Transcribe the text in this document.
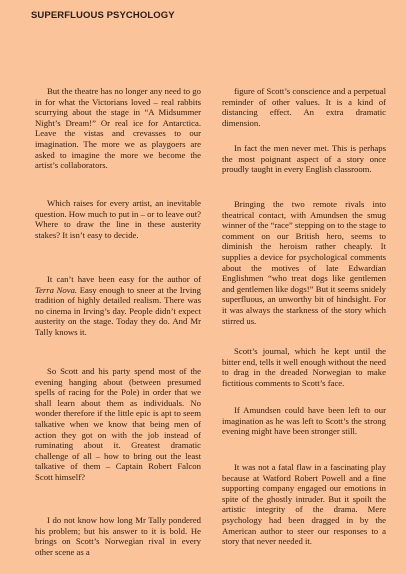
SUPERFLUOUS PSYCHOLOGY

But the theatre has no longer any need to go in for what the Victorians loved – real rabbits scurrying about the stage in “A Midsummer Night’s Dream!” Or real ice for Antarctica. Leave the vistas and crevasses to our imagination. The more we as playgoers are asked to imagine the more we become the artist’s collaborators.

Which raises for every artist, an inevitable question. How much to put in – or to leave out? Where to draw the line in these austerity stakes? It isn’t easy to decide.

It can’t have been easy for the author of Terra Nova. Easy enough to sneer at the Irving tradition of highly detailed realism. There was no cinema in Irving’s day. People didn’t expect austerity on the stage. Today they do. And Mr Tally knows it.

So Scott and his party spend most of the evening hanging about (between presumed spells of racing for the Pole) in order that we shall learn about them as individuals. No wonder therefore if the little epic is apt to seem talkative when we know that being men of action they got on with the job instead of ruminating about it. Greatest dramatic challenge of all – how to bring out the least talkative of them – Captain Robert Falcon Scott himself?

I do not know how long Mr Tally pondered his problem; but his answer to it is bold. He brings on Scott’s Norwegian rival in every other scene as a

figure of Scott’s conscience and a perpetual reminder of other values. It is a kind of distancing effect. An extra dramatic dimension.

In fact the men never met. This is perhaps the most poignant aspect of a story once proudly taught in every English classroom.

Bringing the two remote rivals into theatrical contact, with Amundsen the smug winner of the “race” stepping on to the stage to comment on our British hero, seems to diminish the heroism rather cheaply. It supplies a device for psychological comments about the motives of late Edwardian Englishmen “who treat dogs like gentlemen and gentlemen like dogs!” But it seems snidely superfluous, an unworthy bit of hindsight. For it was always the starkness of the story which stirred us.

Scott’s journal, which he kept until the bitter end, tells it well enough without the need to drag in the dreaded Norwegian to make fictitious comments to Scott’s face.

If Amundsen could have been left to our imagination as he was left to Scott’s the strong evening might have been stronger still.

It was not a fatal flaw in a fascinating play because at Watford Robert Powell and a fine supporting company engaged our emotions in spite of the ghostly intruder. But it spoilt the artistic integrity of the drama. Mere psychology had been dragged in by the American author to steer our responses to a story that never needed it.
